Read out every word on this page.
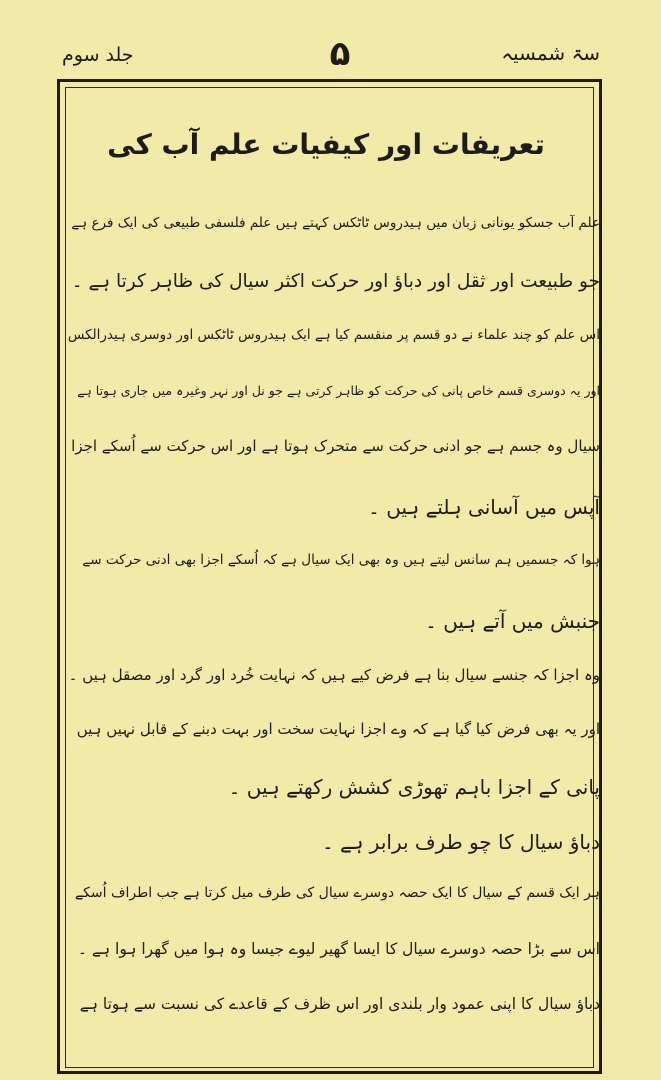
جلد سوم	۵	سۃ شمسیہ
تعریفات اور کیفیات علم آب کی
علم آب جسکو یونانی زبان میں ہیدروس ٹاٹکس کہتے ہیں علم فلسفی طبیعی کی ایک فرع ہے
جو طبیعت اور ثقل اور دباؤ اور حرکت اکثر سیال کی ظاہر کرتا ہے ۔
اس علم کو چند علماء نے دو قسم پر منقسم کیا ہے ایک ہیدروس ٹاٹکس اور دوسری ہیدرالکس
اور یہ دوسری قسم خاص پانی کی حرکت کو ظاہر کرتی ہے جو نل اور نہر وغیرہ میں جاری ہوتا ہے
سیال وہ جسم ہے جو ادنی حرکت سے متحرک ہوتا ہے اور اس حرکت سے اُسکے اجزا
آپس میں آسانی ہلتے ہیں ۔
ہوا کہ جسمیں ہم سانس لیتے ہیں وہ بھی ایک سیال ہے کہ اُسکے اجزا بھی ادنی حرکت سے
جنبش میں آتے ہیں ۔
وہ اجزا کہ جنسے سیال بنا ہے فرض کیے ہیں کہ نہایت خُرد اور گرد اور مصقل ہیں ۔
اور یہ بھی فرض کیا گیا ہے کہ وے اجزا نہایت سخت اور بہت دبنے کے قابل نہیں ہیں
پانی کے اجزا باہم تھوڑی کشش رکھتے ہیں ۔
دباؤ سیال کا چو طرف برابر ہے ۔
ہر ایک قسم کے سیال کا ایک حصہ دوسرے سیال کی طرف میل کرتا ہے جب اطراف اُسکے
اس سے بڑا حصہ دوسرے سیال کا ایسا گھیر لیوے جیسا وہ ہوا میں گھرا ہوا ہے ۔
دباؤ سیال کا اپنی عمود وار بلندی اور اس ظرف کے قاعدے کی نسبت سے ہوتا ہے
